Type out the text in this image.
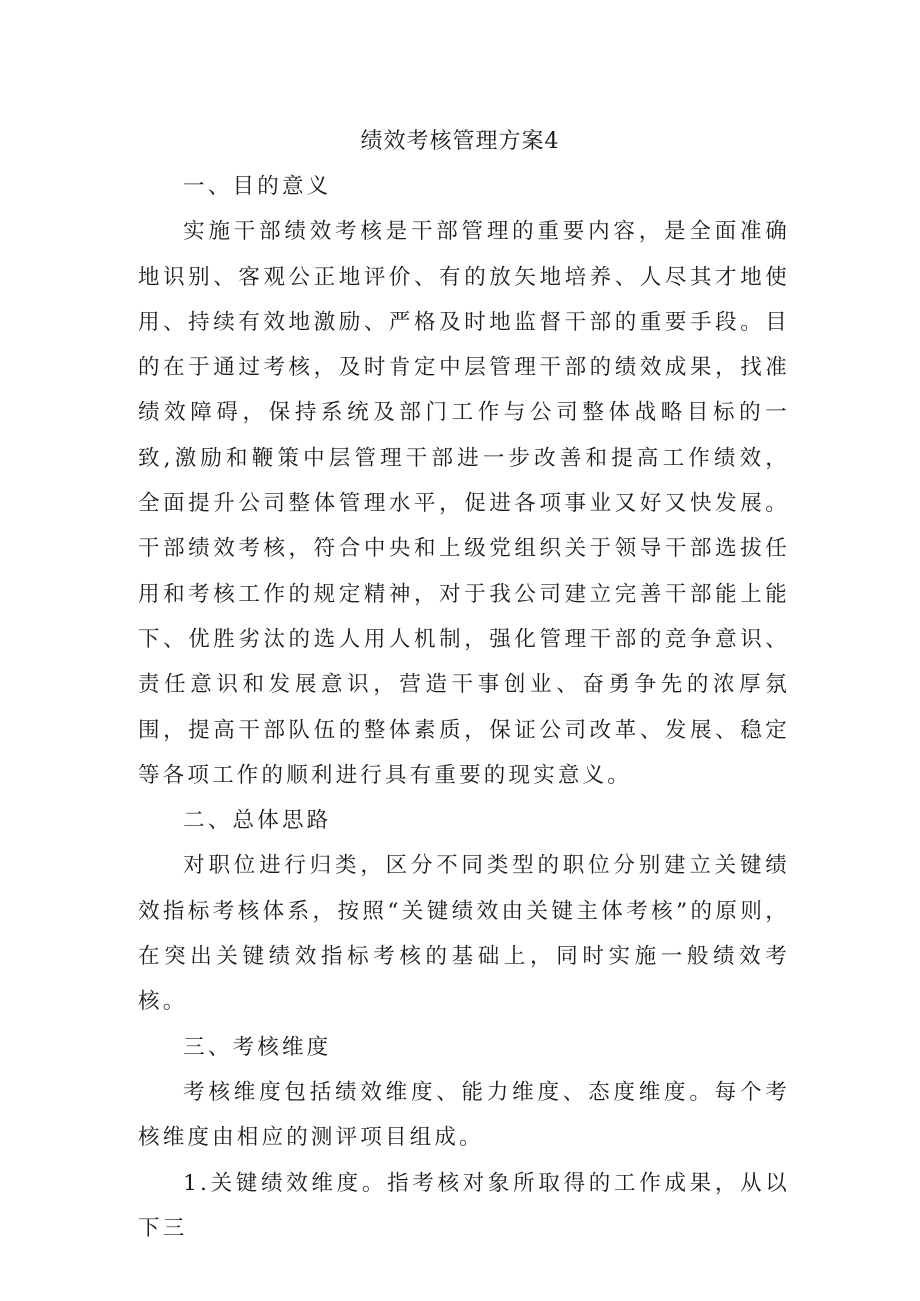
绩效考核管理方案4

一、目的意义

实施干部绩效考核是干部管理的重要内容，是全面准确地识别、客观公正地评价、有的放矢地培养、人尽其才地使用、持续有效地激励、严格及时地监督干部的重要手段。目的在于通过考核，及时肯定中层管理干部的绩效成果，找准绩效障碍，保持系统及部门工作与公司整体战略目标的一致,激励和鞭策中层管理干部进一步改善和提高工作绩效，全面提升公司整体管理水平，促进各项事业又好又快发展。干部绩效考核，符合中央和上级党组织关于领导干部选拔任用和考核工作的规定精神，对于我公司建立完善干部能上能下、优胜劣汰的选人用人机制，强化管理干部的竞争意识、责任意识和发展意识，营造干事创业、奋勇争先的浓厚氛围，提高干部队伍的整体素质，保证公司改革、发展、稳定等各项工作的顺利进行具有重要的现实意义。

二、总体思路

对职位进行归类，区分不同类型的职位分别建立关键绩效指标考核体系，按照“关键绩效由关键主体考核”的原则，在突出关键绩效指标考核的基础上，同时实施一般绩效考核。

三、考核维度

考核维度包括绩效维度、能力维度、态度维度。每个考核维度由相应的测评项目组成。

1.关键绩效维度。指考核对象所取得的工作成果，从以下三
